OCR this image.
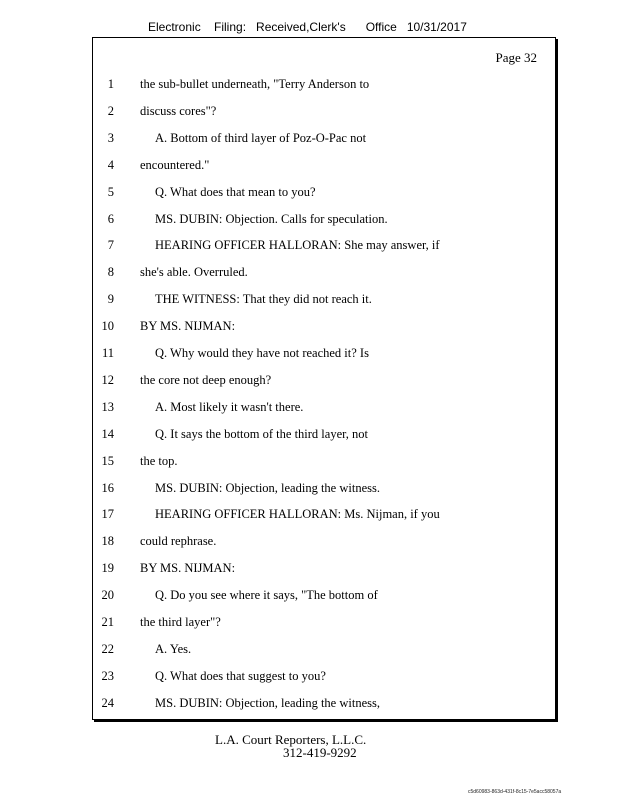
Electronic    Filing:   Received,Clerk's      Office   10/31/2017
Page 32
1 the sub-bullet underneath, "Terry Anderson to
2 discuss cores"?
3	A. Bottom of third layer of Poz-O-Pac not
4 encountered."
5	Q. What does that mean to you?
6	MS. DUBIN: Objection. Calls for speculation.
7	HEARING OFFICER HALLORAN: She may answer, if
8 she's able. Overruled.
9	THE WITNESS: That they did not reach it.
10 BY MS. NIJMAN:
11	Q. Why would they have not reached it? Is
12 the core not deep enough?
13	A. Most likely it wasn't there.
14	Q. It says the bottom of the third layer, not
15 the top.
16	MS. DUBIN: Objection, leading the witness.
17	HEARING OFFICER HALLORAN: Ms. Nijman, if you
18 could rephrase.
19 BY MS. NIJMAN:
20	Q. Do you see where it says, "The bottom of
21 the third layer"?
22	A. Yes.
23	Q. What does that suggest to you?
24	MS. DUBIN: Objection, leading the witness,
L.A. Court Reporters, L.L.C.
312-419-9292
c5d60983-863d-431f-8c15-7e5acc58057a
